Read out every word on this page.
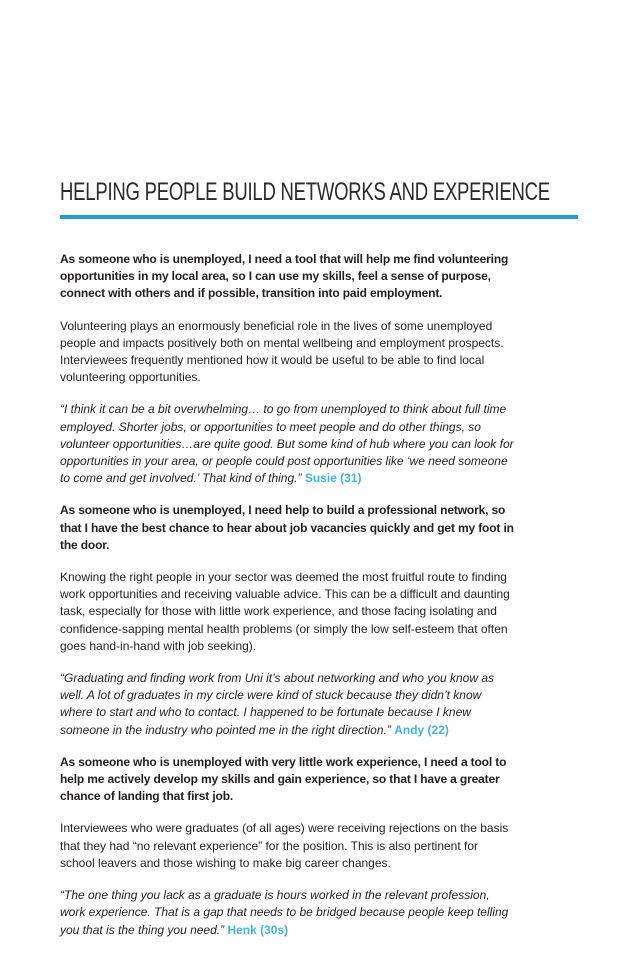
HELPING PEOPLE BUILD NETWORKS AND EXPERIENCE

As someone who is unemployed, I need a tool that will help me find volunteering opportunities in my local area, so I can use my skills, feel a sense of purpose, connect with others and if possible, transition into paid employment.

Volunteering plays an enormously beneficial role in the lives of some unemployed people and impacts positively both on mental wellbeing and employment prospects. Interviewees frequently mentioned how it would be useful to be able to find local volunteering opportunities.

“I think it can be a bit overwhelming… to go from unemployed to think about full time employed. Shorter jobs, or opportunities to meet people and do other things, so volunteer opportunities…are quite good. But some kind of hub where you can look for opportunities in your area, or people could post opportunities like ‘we need someone to come and get involved.’ That kind of thing.” Susie (31)

As someone who is unemployed, I need help to build a professional network, so that I have the best chance to hear about job vacancies quickly and get my foot in the door.

Knowing the right people in your sector was deemed the most fruitful route to finding work opportunities and receiving valuable advice. This can be a difficult and daunting task, especially for those with little work experience, and those facing isolating and confidence-sapping mental health problems (or simply the low self-esteem that often goes hand-in-hand with job seeking).

“Graduating and finding work from Uni it’s about networking and who you know as well. A lot of graduates in my circle were kind of stuck because they didn’t know where to start and who to contact. I happened to be fortunate because I knew someone in the industry who pointed me in the right direction.” Andy (22)

As someone who is unemployed with very little work experience, I need a tool to help me actively develop my skills and gain experience, so that I have a greater chance of landing that first job.

Interviewees who were graduates (of all ages) were receiving rejections on the basis that they had “no relevant experience” for the position. This is also pertinent for school leavers and those wishing to make big career changes.

“The one thing you lack as a graduate is hours worked in the relevant profession, work experience. That is a gap that needs to be bridged because people keep telling you that is the thing you need.” Henk (30s)
